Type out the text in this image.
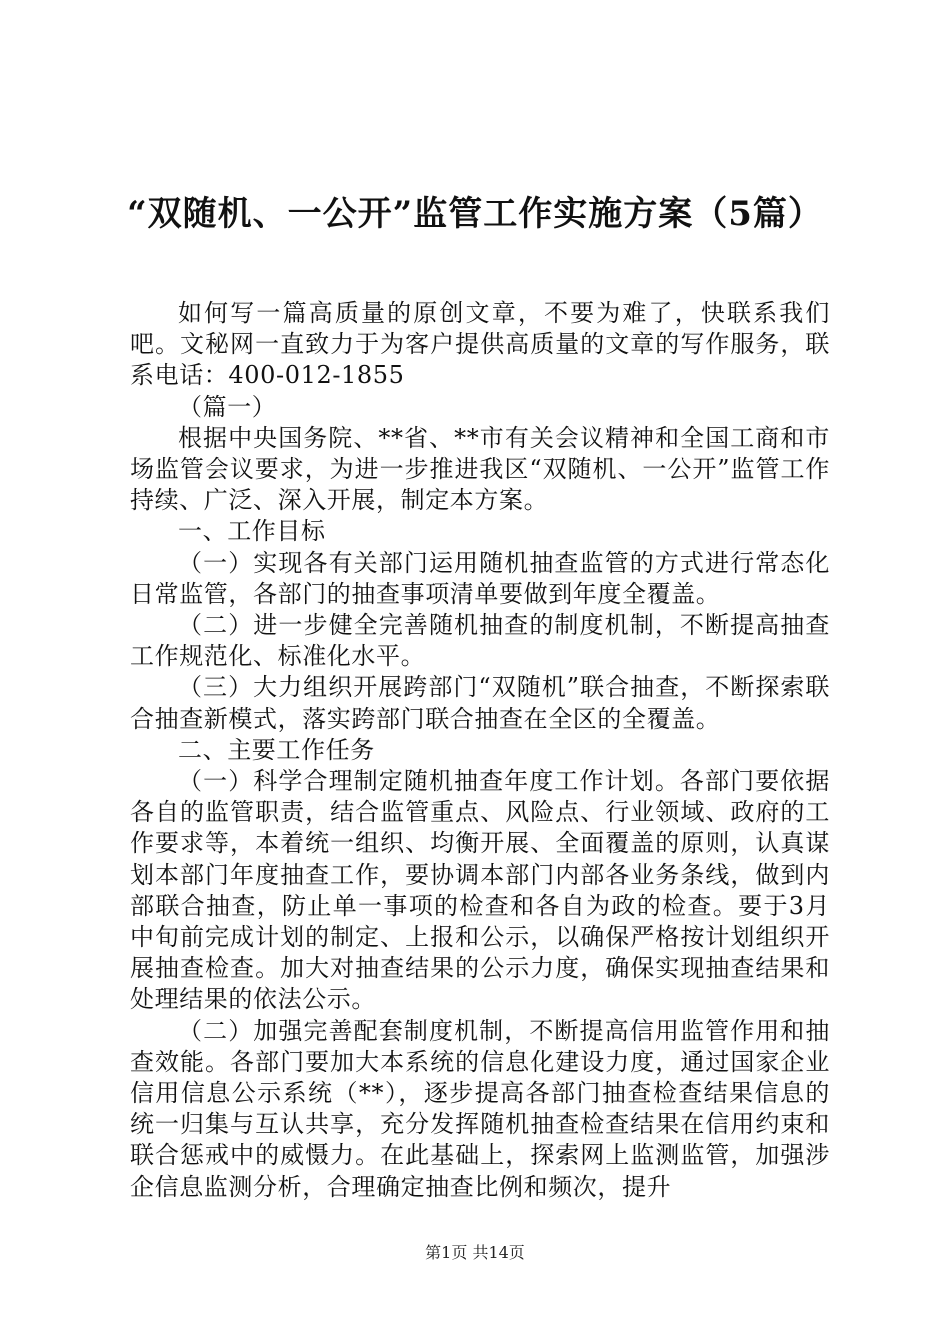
“双随机、一公开”监管工作实施方案（5篇）

如何写一篇高质量的原创文章，不要为难了，快联系我们吧。文秘网一直致力于为客户提供高质量的文章的写作服务，联系电话：400-012-1855

（篇一）

根据中央国务院、**省、**市有关会议精神和全国工商和市场监管会议要求，为进一步推进我区“双随机、一公开”监管工作持续、广泛、深入开展，制定本方案。

一、工作目标

（一）实现各有关部门运用随机抽查监管的方式进行常态化日常监管，各部门的抽查事项清单要做到年度全覆盖。

（二）进一步健全完善随机抽查的制度机制，不断提高抽查工作规范化、标准化水平。

（三）大力组织开展跨部门“双随机”联合抽查，不断探索联合抽查新模式，落实跨部门联合抽查在全区的全覆盖。

二、主要工作任务

（一）科学合理制定随机抽查年度工作计划。各部门要依据各自的监管职责，结合监管重点、风险点、行业领域、政府的工作要求等，本着统一组织、均衡开展、全面覆盖的原则，认真谋划本部门年度抽查工作，要协调本部门内部各业务条线，做到内部联合抽查，防止单一事项的检查和各自为政的检查。要于3月中旬前完成计划的制定、上报和公示，以确保严格按计划组织开展抽查检查。加大对抽查结果的公示力度，确保实现抽查结果和处理结果的依法公示。

（二）加强完善配套制度机制，不断提高信用监管作用和抽查效能。各部门要加大本系统的信息化建设力度，通过国家企业信用信息公示系统（**），逐步提高各部门抽查检查结果信息的统一归集与互认共享，充分发挥随机抽查检查结果在信用约束和联合惩戒中的威慑力。在此基础上，探索网上监测监管，加强涉企信息监测分析，合理确定抽查比例和频次，提升

第1页 共14页
